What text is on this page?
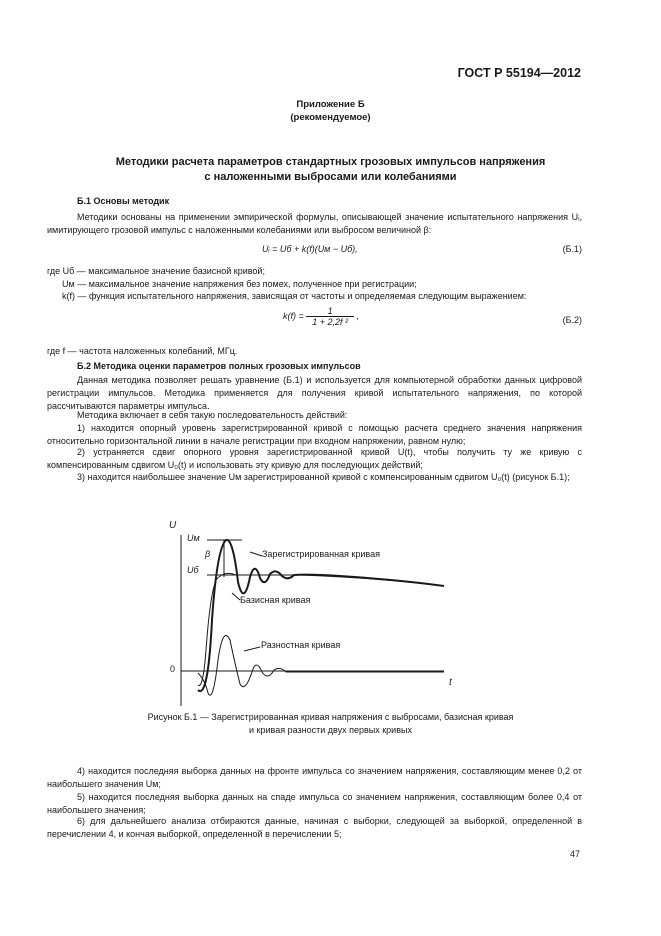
ГОСТ Р 55194—2012
Приложение Б
(рекомендуемое)
Методики расчета параметров стандартных грозовых импульсов напряжения
с наложенными выбросами или колебаниями
Б.1 Основы методик
Методики основаны на применении эмпирической формулы, описывающей значение испытательного напряжения Uᵢ, имитирующего грозовой импульс с наложенными колебаниями или выбросом величиной β:
Uᵢ = Uб + k(f)(Uм − Uб),	(Б.1)
где Uб — максимальное значение базисной кривой;
Uм — максимальное значение напряжения без помех, полученное при регистрации;
k(f) — функция испытательного напряжения, зависящая от частоты и определяемая следующим выражением:
$k(f) = \frac{1}{\text{1 + 2,2f ²}}$ ,	(Б.2)
где f — частота наложенных колебаний, МГц.
Б.2 Методика оценки параметров полных грозовых импульсов
Данная методика позволяет решать уравнение (Б.1) и используется для компьютерной обработки данных цифровой регистрации импульсов. Методика применяется для получения кривой испытательного напряжения, по которой рассчитываются параметры импульса.
Методика включает в себя такую последовательность действий:
1) находится опорный уровень зарегистрированной кривой с помощью расчета среднего значения напряжения относительно горизонтальной линии в начале регистрации при входном напряжении, равном нулю;
2) устраняется сдвиг опорного уровня зарегистрированной кривой U(t), чтобы получить ту же кривую с компенсированным сдвигом U₀(t) и использовать эту кривую для последующих действий;
3) находится наибольшее значение Uм зарегистрированной кривой с компенсированным сдвигом U₀(t) (рисунок Б.1);
U
t
Uм
β
Uб
0
Зарегистрированная кривая
Базисная кривая
Разностная кривая
Рисунок Б.1 — Зарегистрированная кривая напряжения с выбросами, базисная кривая
и кривая разности двух первых кривых
4) находится последняя выборка данных на фронте импульса со значением напряжения, составляющим менее 0,2 от наибольшего значения Uм;
5) находится последняя выборка данных на спаде импульса со значением напряжения, составляющим более 0,4 от наибольшего значения;
6) для дальнейшего анализа отбираются данные, начиная с выборки, следующей за выборкой, определенной в перечислении 4, и кончая выборкой, определенной в перечислении 5;
47
